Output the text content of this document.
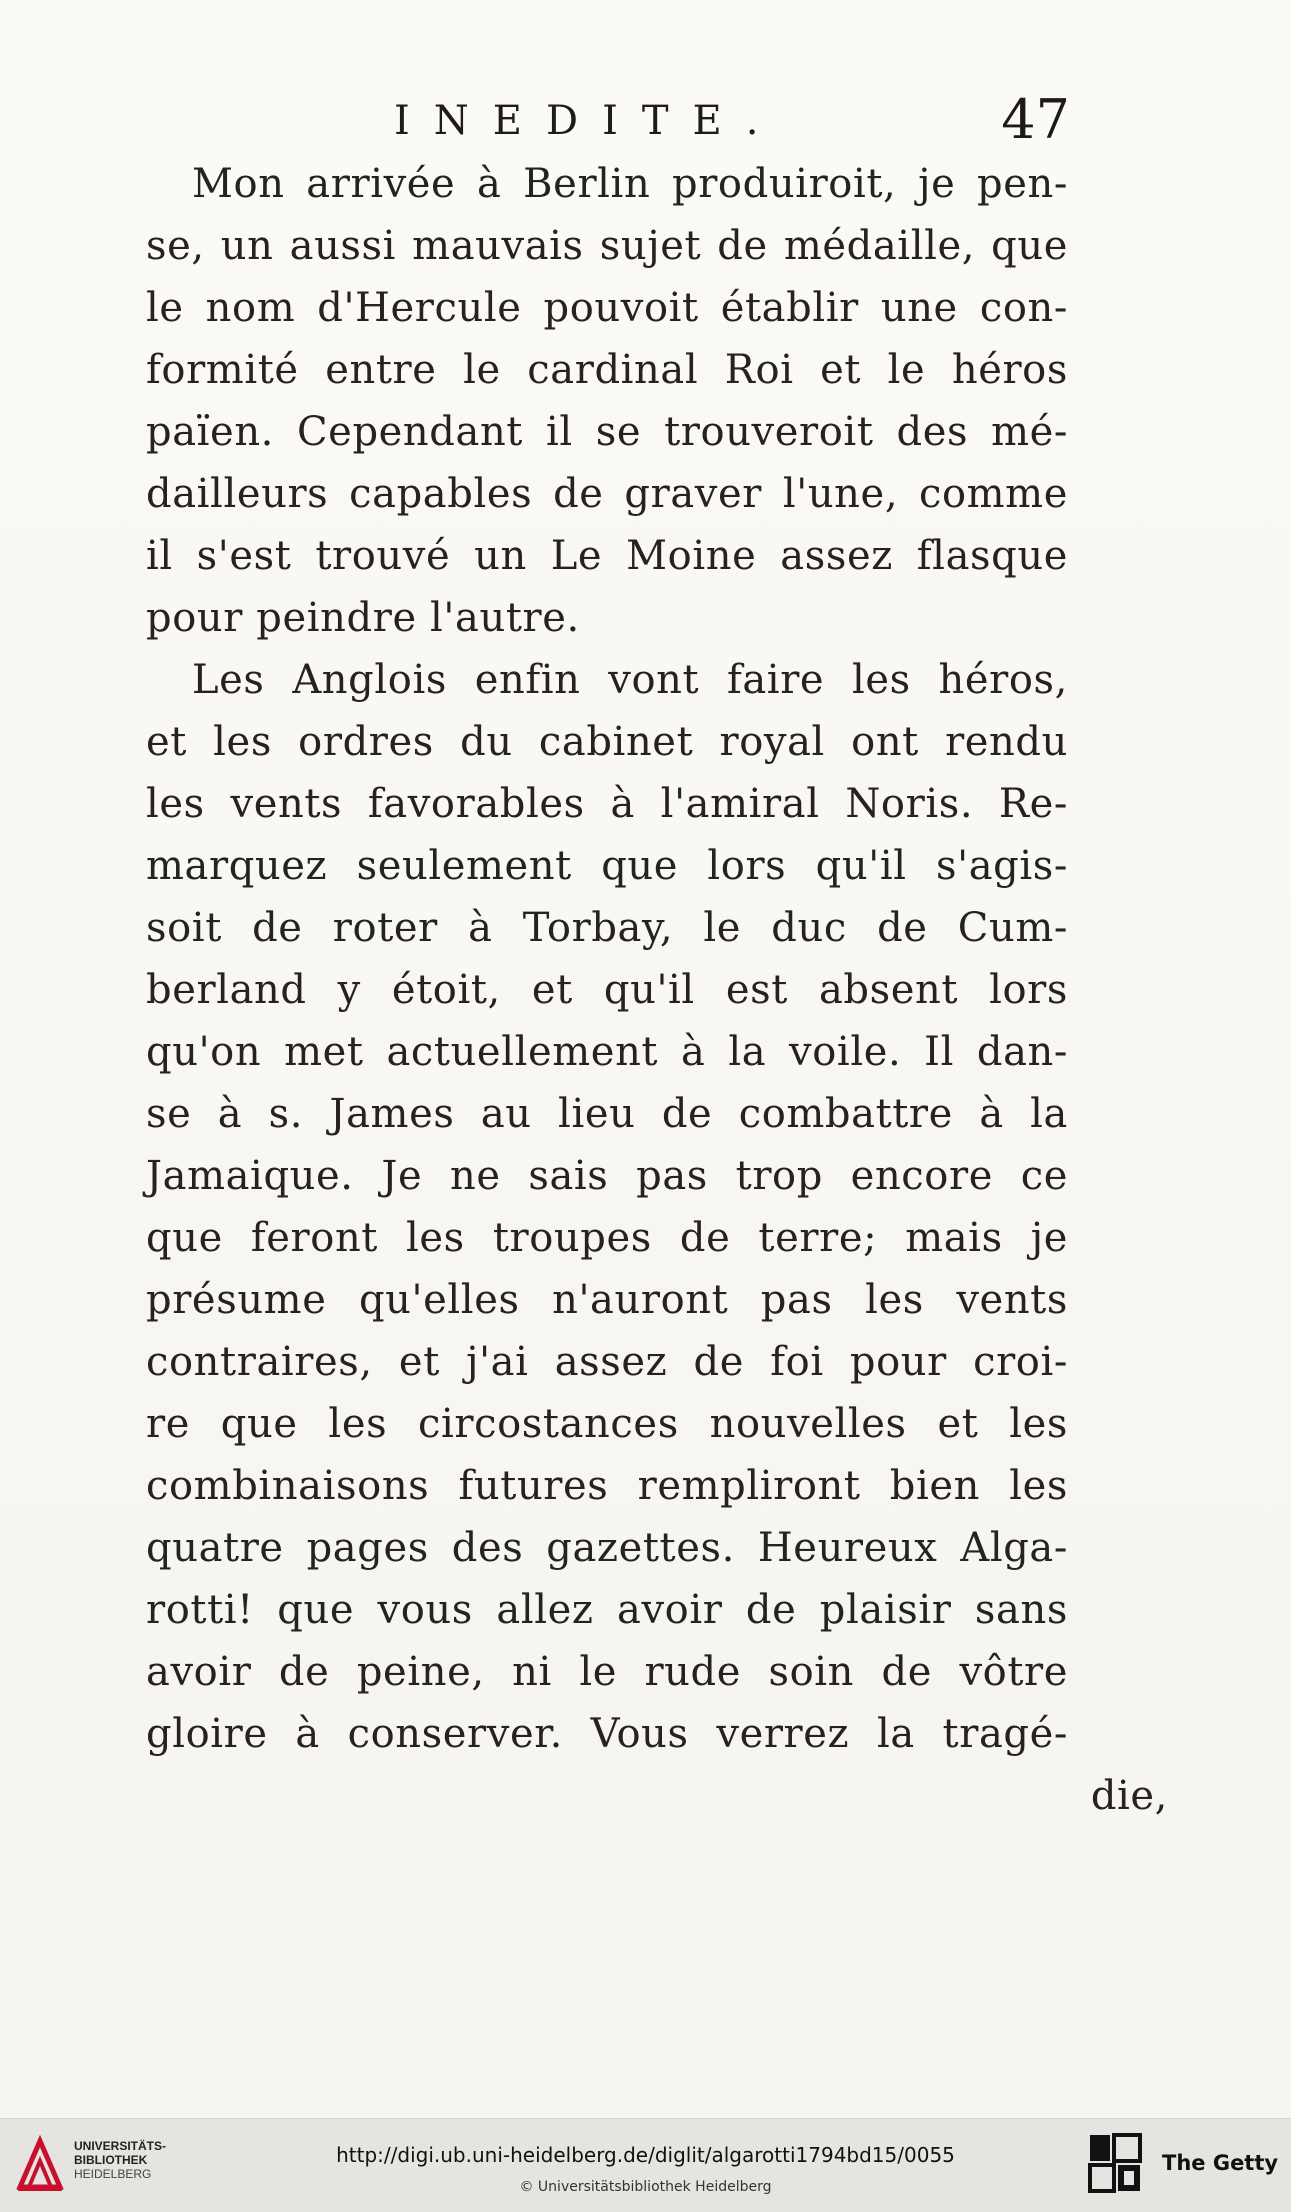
INEDITE.	47
Mon arrivée à Berlin produiroit, je pen-
se, un aussi mauvais sujet de médaille, que
le nom d'Hercule pouvoit établir une con-
formité entre le cardinal Roi et le héros
païen. Cependant il se trouveroit des mé-
dailleurs capables de graver l'une, comme
il s'est trouvé un Le Moine assez flasque
pour peindre l'autre.
Les Anglois enfin vont faire les héros,
et les ordres du cabinet royal ont rendu
les vents favorables à l'amiral Noris. Re-
marquez seulement que lors qu'il s'agis-
soit de roter à Torbay, le duc de Cum-
berland y étoit, et qu'il est absent lors
qu'on met actuellement à la voile. Il dan-
se à s. James au lieu de combattre à la
Jamaique. Je ne sais pas trop encore ce
que feront les troupes de terre; mais je
présume qu'elles n'auront pas les vents
contraires, et j'ai assez de foi pour croi-
re que les circostances nouvelles et les
combinaisons futures rempliront bien les
quatre pages des gazettes. Heureux Alga-
rotti! que vous allez avoir de plaisir sans
avoir de peine, ni le rude soin de vôtre
gloire à conserver. Vous verrez la tragé-
die,
UNIVERSITÄTS-
BIBLIOTHEK
HEIDELBERG
http://digi.ub.uni-heidelberg.de/diglit/algarotti1794bd15/0055
© Universitätsbibliothek Heidelberg
The Getty
